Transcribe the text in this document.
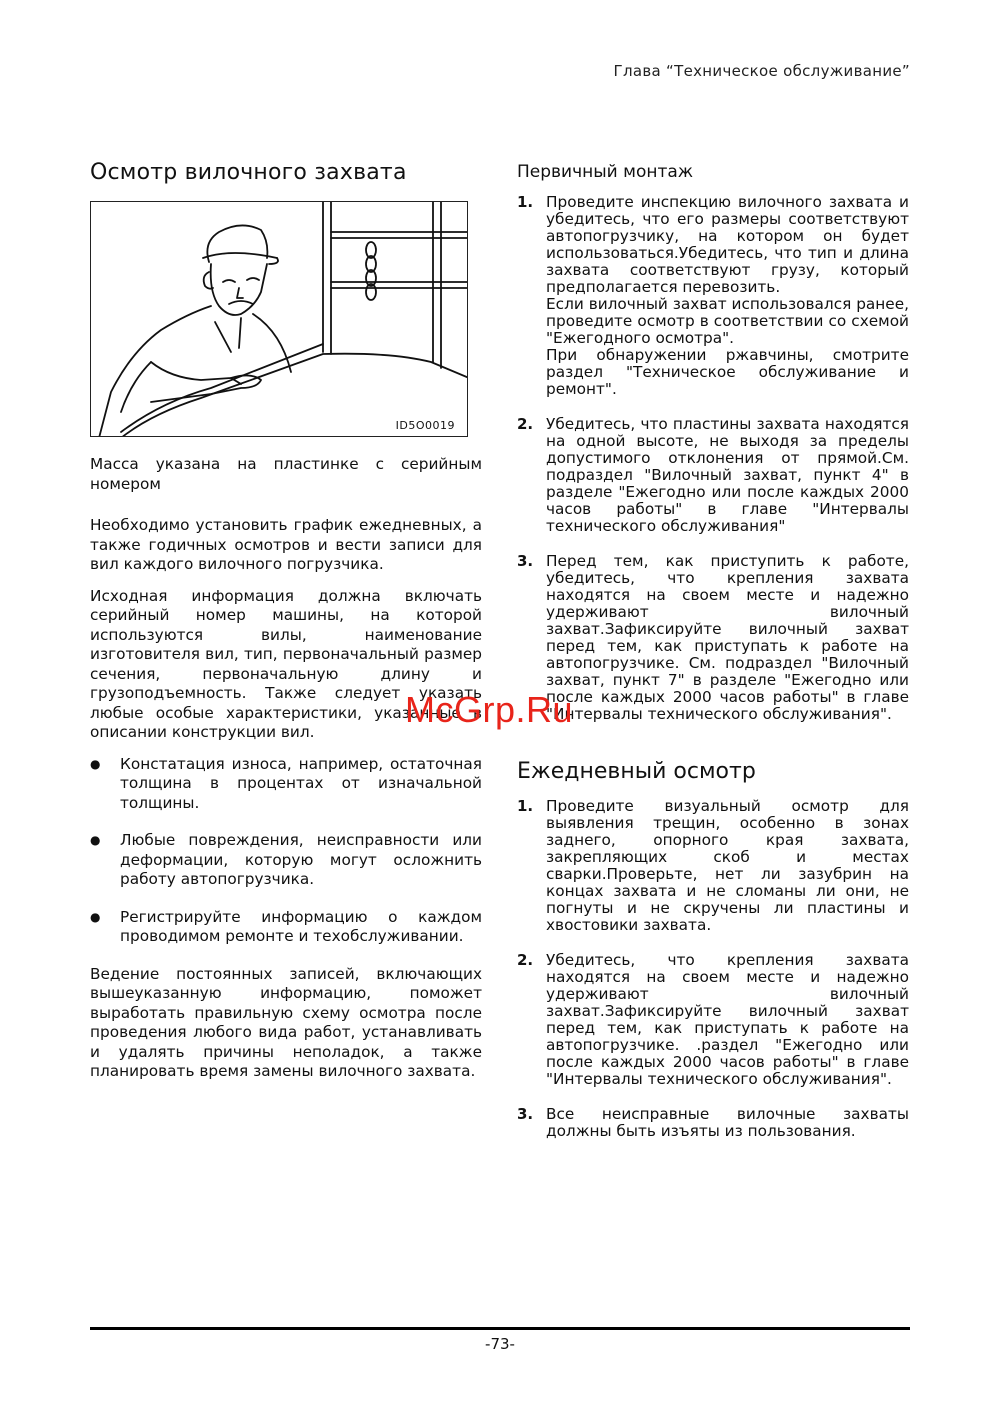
Глава “Техническое обслуживание”
Осмотр вилочного захвата
ID5O0019

Масса указана на пластинке с серийным номером

Необходимо установить график ежедневных, а также годичных осмотров и вести записи для вил каждого вилочного погрузчика.

Исходная информация должна включать серийный номер машины, на которой используются вилы, наименование изготовителя вил, тип, первоначальный размер сечения, первоначальную длину и грузоподъемность. Также следует указать любые особые характеристики, указанные в описании конструкции вил.

●	Констатация износа, например, остаточная толщина в процентах от изначальной толщины.

●	Любые повреждения, неисправности или деформации, которую могут осложнить работу автопогрузчика.

●	Регистрируйте информацию о каждом проводимом ремонте и техобслуживании.

Ведение постоянных записей, включающих вышеуказанную информацию, поможет выработать правильную схему осмотра после проведения любого вида работ, устанавливать и удалять причины неполадок, а также планировать время замены вилочного захвата.

Первичный монтаж
1. Проведите инспекцию вилочного захвата и убедитесь, что его размеры соответствуют автопогрузчику, на котором он будет использоваться.Убедитесь, что тип и длина захвата соответствуют грузу, который предполагается перевозить.

Если вилочный захват использовался ранее, проведите осмотр в соответствии со схемой "Ежегодного осмотра".

При обнаружении ржавчины, смотрите раздел "Техническое обслуживание и ремонт".

2. Убедитесь, что пластины захвата находятся на одной высоте, не выходя за пределы допустимого отклонения от прямой.См. подраздел "Вилочный захват, пункт 4" в разделе "Ежегодно или после каждых 2000 часов работы" в главе "Интервалы технического обслуживания"

3. Перед тем, как приступить к работе, убедитесь, что крепления захвата находятся на своем месте и надежно удерживают вилочный захват.Зафиксируйте вилочный захват перед тем, как приступать к работе на автопогрузчике. См. подраздел "Вилочный захват, пункт 7" в разделе "Ежегодно или после каждых 2000 часов работы" в главе "Интервалы технического обслуживания".

Ежедневный осмотр
1. Проведите визуальный осмотр для выявления трещин, особенно в зонах заднего, опорного края захвата, закрепляющих скоб и местах сварки.Проверьте, нет ли зазубрин на концах захвата и не сломаны ли они, не погнуты и не скручены ли пластины и хвостовики захвата.

2. Убедитесь, что крепления захвата находятся на своем месте и надежно удерживают вилочный захват.Зафиксируйте вилочный захват перед тем, как приступать к работе на автопогрузчике. .раздел "Ежегодно или после каждых 2000 часов работы" в главе "Интервалы технического обслуживания".

3. Все неисправные вилочные захваты должны быть изъяты из пользования.

McGrp.Ru
-73-
